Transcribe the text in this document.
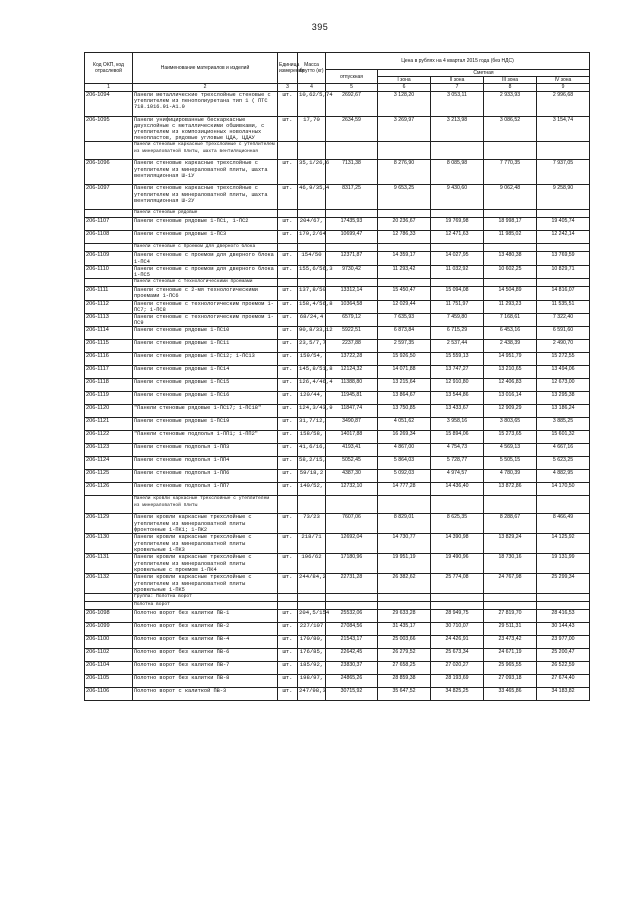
395
Код ОКП, код отраслевой	Наименование материалов и изделий	Единица измерения	Масса брутто (кг)	Цена в рублях на 4 квартал 2015 года (без НДС)				
				отпускная	Сметная			
					I зона	II зона	III зона	IV зона
1	2	3	4	5	6	7	8	9
206-1094	Панели металлические трехслойные стеновые с утеплителем из пенополиуретана тип 1 ( ПТС 718.1016.91-А1.0	шт.	10,62/5,74	2692,67	3 128,20	3 053,11	2 933,93	2 996,68
206-1095	Панели унифицированные бескаркасные двухслойные с металлическими обшивками, с утеплителем из композиционных новолачных пенопластов, рядовые угловые ЦДА, ЦДАУ	шт.	17,70	2634,59	3 269,97	3 213,98	3 086,52	3 154,74
	Панели стеновые каркасные трехслойные с утеплителем из минераловатной плиты, шахта вентиляционная							
206-1096	Панели стеновые каркасные трехслойные с утеплителем из минераловатной плиты, шахта вентиляционная Ш-1У	шт.	35,1/26,6	7131,38	8 276,90	8 085,98	7 770,35	7 937,05
206-1097	Панели стеновые каркасные трехслойные с утеплителем из минераловатной плиты, шахта вентиляционная Ш-2У	шт.	46,9/35,4	8317,25	9 653,25	9 430,60	9 062,48	9 258,90
	Панели стеновые рядовые							
206-1107	Панели стеновые рядовые 1-ПС1, 1-ПС2	шт.	204/67,	17435,93	20 236,67	19 769,98	18 998,17	19 405,74
206-1108	Панели стеновые рядовые 1-ПС3	шт.	179,2/64	10699,47	12 786,33	12 471,63	11 985,02	12 242,14
	Панели стеновые с проемом для дверного блока							
206-1109	Панели стеновые с проемом для дверного блока 1-ПС4	шт.	154/50	12371,87	14 359,17	14 027,95	13 480,38	13 769,59
206-1110	Панели стеновые с проемом для дверного блока 1-ПС5	шт.	155,6/56,3	9730,42	11 293,42	11 032,92	10 602,25	10 829,71
	Панели стеновые с технологическими проемами							
206-1111	Панели стеновые с 2-мя технологическими проемами 1-ПС6	шт.	137,8/50	13312,14	15 450,47	15 094,08	14 504,89	14 816,07
206-1112	Панели стеновые с технологическим проемом 1-ПС7; 1-ПС8	шт.	158,4/56,8	10364,58	12 029,44	11 751,97	11 293,23	11 535,51
206-1113	Панели стеновые с технологическим проемом 1-ПС9	шт.	68/24,4	6579,12	7 635,93	7 459,80	7 168,61	7 322,40
206-1114	Панели стеновые рядовые 1-ПС10	шт.	90,8/33,12	5922,51	6 873,84	6 715,29	6 453,16	6 591,60
206-1115	Панели стеновые рядовые 1-ПС11	шт.	23,5/7,7	2237,88	2 597,35	2 537,44	2 438,39	2 490,70
206-1116	Панели стеновые рядовые 1-ПС12; 1-ПС13	шт.	159/54,	13722,28	15 926,50	15 559,13	14 951,79	15 272,55
206-1117	Панели стеновые рядовые 1-ПС14	шт.	145,8/51,8	12124,32	14 071,88	13 747,27	13 210,65	13 494,06
206-1118	Панели стеновые рядовые 1-ПС15	шт.	126,4/46,4	11388,80	13 215,64	12 910,80	12 406,83	12 673,00
206-1119	Панели стеновые рядовые 1-ПС16	шт.	120/44,	11945,81	13 864,67	13 544,86	13 016,14	13 295,38
206-1120	"Панели стеновые рядовые 1-ПС17; 1-ПС18"	шт.	124,3/43,9	11847,74	13 750,85	13 433,67	12 909,29	13 186,24
206-1121	Панели стеновые рядовые 1-ПС19	шт.	31,7/12,	3490,87	4 051,62	3 958,16	3 803,65	3 885,25
206-1122	"Панели стеновые подполья 1-ПП1; 1-ПП2"	шт.	158/58,	14017,88	16 269,34	15 894,06	15 273,65	15 601,32
206-1123	Панели стеновые подполья 1-ПП3	шт.	41,6/16,	4193,41	4 867,00	4 754,73	4 569,13	4 667,16
206-1124	Панели стеновые подполья 1-ПП4	шт.	58,2/15,	5052,45	5 864,03	5 728,77	5 505,15	5 623,25
206-1125	Панели стеновые подполья 1-ПП6	шт.	59/18,2	4387,30	5 092,03	4 974,57	4 780,39	4 882,95
206-1126	Панели стеновые подполья 1-ПП7	шт.	140/52,	12732,10	14 777,28	14 436,40	13 872,86	14 170,50
	Панели кровли каркасные трехслойные с утеплителем из минераловатной плиты							
206-1129	Панели кровли каркасные трехслойные с утеплителем из минераловатной плиты фронтонные 1-ПК1; 1-ПК2	шт.	73/23	7607,06	8 829,01	8 625,35	8 288,67	8 466,49
206-1130	Панели кровли каркасные трехслойные с утеплителем из минераловатной плиты кровельные 1-ПК3	шт.	218/71	12692,04	14 730,77	14 390,98	13 829,24	14 125,92
206-1131	Панели кровли каркасные трехслойные с утеплителем из минераловатной плиты кровельные с проемом 1-ПК4	шт.	196/62	17180,96	19 951,19	19 490,96	18 730,16	19 131,99
206-1132	Панели кровли каркасные трехслойные с утеплителем из минераловатной плиты кровельные 1-ПК5	шт.	244/84,2	22731,28	26 382,62	25 774,08	24 767,98	25 299,34
	Группа: Полотна ворот							
	Полотна ворот							
206-1098	Полотно ворот без калитки ПВ-1	шт.	204,5/154	25532,06	29 633,28	28 949,75	27 819,70	28 416,53
206-1099	Полотно ворот без калитки ПВ-2	шт.	227/107	27084,56	31 435,17	30 710,07	29 511,31	30 144,43
206-1100	Полотно ворот без калитки ПВ-4	шт.	170/80,	21543,17	25 003,66	24 426,91	23 473,42	23 977,00
206-1102	Полотно ворот без калитки ПВ-6	шт.	176/85,	22642,45	26 279,52	25 673,34	24 671,19	25 200,47
206-1104	Полотно ворот без калитки ПВ-7	шт.	185/92,	23830,37	27 658,25	27 020,27	25 965,55	26 522,59
206-1105	Полотно ворот без калитки ПВ-8	шт.	198/97,	24865,26	28 859,38	28 193,69	27 093,18	27 674,40
206-1106	Полотно ворот с калиткой ПВ-3	шт.	247/98,3	30715,92	35 647,52	34 825,25	33 465,86	34 183,82
